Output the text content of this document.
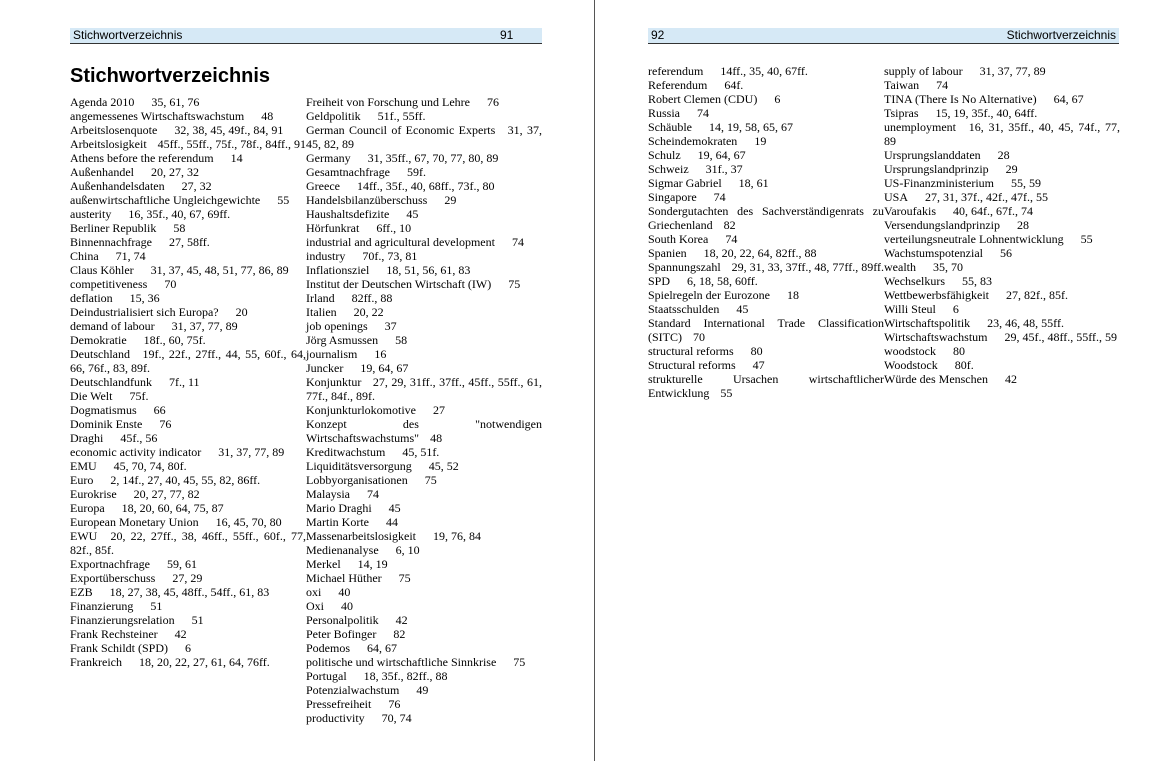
Stichwortverzeichnis	91
Stichwortverzeichnis

Agenda 2010 35, 61, 76

angemessenes Wirtschaftswachstum 48

Arbeitslosenquote 32, 38, 45, 49f., 84, 91

Arbeitslosigkeit 45ff., 55ff., 75f., 78f., 84ff., 91

Athens before the referendum 14

Außenhandel 20, 27, 32

Außenhandelsdaten 27, 32

außenwirtschaftliche Ungleichgewichte 55

austerity 16, 35f., 40, 67, 69ff.

Berliner Republik 58

Binnennachfrage 27, 58ff.

China 71, 74

Claus Köhler 31, 37, 45, 48, 51, 77, 86, 89

competitiveness 70

deflation 15, 36

Deindustrialisiert sich Europa? 20

demand of labour 31, 37, 77, 89

Demokratie 18f., 60, 75f.

Deutschland 19f., 22f., 27ff., 44, 55, 60f., 64, 66, 76f., 83, 89f.

Deutschlandfunk 7f., 11

Die Welt 75f.

Dogmatismus 66

Dominik Enste 76

Draghi 45f., 56

economic activity indicator 31, 37, 77, 89

EMU 45, 70, 74, 80f.

Euro 2, 14f., 27, 40, 45, 55, 82, 86ff.

Eurokrise 20, 27, 77, 82

Europa 18, 20, 60, 64, 75, 87

European Monetary Union 16, 45, 70, 80

EWU 20, 22, 27ff., 38, 46ff., 55ff., 60f., 77, 82f., 85f.

Exportnachfrage 59, 61

Exportüberschuss 27, 29

EZB 18, 27, 38, 45, 48ff., 54ff., 61, 83

Finanzierung 51

Finanzierungsrelation 51

Frank Rechsteiner 42

Frank Schildt (SPD) 6

Frankreich 18, 20, 22, 27, 61, 64, 76ff.

Freiheit von Forschung und Lehre 76

Geldpolitik 51f., 55ff.

German Council of Economic Experts 31, 37, 45, 82, 89

Germany 31, 35ff., 67, 70, 77, 80, 89

Gesamtnachfrage 59f.

Greece 14ff., 35f., 40, 68ff., 73f., 80

Handelsbilanzüberschuss 29

Haushaltsdefizite 45

Hörfunkrat 6ff., 10

industrial and agricultural development 74

industry 70f., 73, 81

Inflationsziel 18, 51, 56, 61, 83

Institut der Deutschen Wirtschaft (IW) 75

Irland 82ff., 88

Italien 20, 22

job openings 37

Jörg Asmussen 58

journalism 16

Juncker 19, 64, 67

Konjunktur 27, 29, 31ff., 37ff., 45ff., 55ff., 61, 77f., 84f., 89f.

Konjunkturlokomotive 27

Konzept des "notwendigen Wirtschaftswachstums" 48

Kreditwachstum 45, 51f.

Liquiditätsversorgung 45, 52

Lobbyorganisationen 75

Malaysia 74

Mario Draghi 45

Martin Korte 44

Massenarbeitslosigkeit 19, 76, 84

Medienanalyse 6, 10

Merkel 14, 19

Michael Hüther 75

oxi 40

Oxi 40

Personalpolitik 42

Peter Bofinger 82

Podemos 64, 67

politische und wirtschaftliche Sinnkrise 75

Portugal 18, 35f., 82ff., 88

Potenzialwachstum 49

Pressefreiheit 76

productivity 70, 74

92	Stichwortverzeichnis

referendum 14ff., 35, 40, 67ff.

Referendum 64f.

Robert Clemen (CDU) 6

Russia 74

Schäuble 14, 19, 58, 65, 67

Scheindemokraten 19

Schulz 19, 64, 67

Schweiz 31f., 37

Sigmar Gabriel 18, 61

Singapore 74

Sondergutachten des Sachverständigenrats zu Griechenland 82

South Korea 74

Spanien 18, 20, 22, 64, 82ff., 88

Spannungszahl 29, 31, 33, 37ff., 48, 77ff., 89ff.

SPD 6, 18, 58, 60ff.

Spielregeln der Eurozone 18

Staatsschulden 45

Standard International Trade Classification (SITC) 70

structural reforms 80

Structural reforms 47

strukturelle Ursachen wirtschaftlicher Entwicklung 55

supply of labour 31, 37, 77, 89

Taiwan 74

TINA (There Is No Alternative) 64, 67

Tsipras 15, 19, 35f., 40, 64ff.

unemployment 16, 31, 35ff., 40, 45, 74f., 77, 89

Ursprungslanddaten 28

Ursprungslandprinzip 29

US-Finanzministerium 55, 59

USA 27, 31, 37f., 42f., 47f., 55

Varoufakis 40, 64f., 67f., 74

Versendungslandprinzip 28

verteilungsneutrale Lohnentwicklung 55

Wachstumspotenzial 56

wealth 35, 70

Wechselkurs 55, 83

Wettbewerbsfähigkeit 27, 82f., 85f.

Willi Steul 6

Wirtschaftspolitik 23, 46, 48, 55ff.

Wirtschaftswachstum 29, 45f., 48ff., 55ff., 59

woodstock 80

Woodstock 80f.

Würde des Menschen 42
